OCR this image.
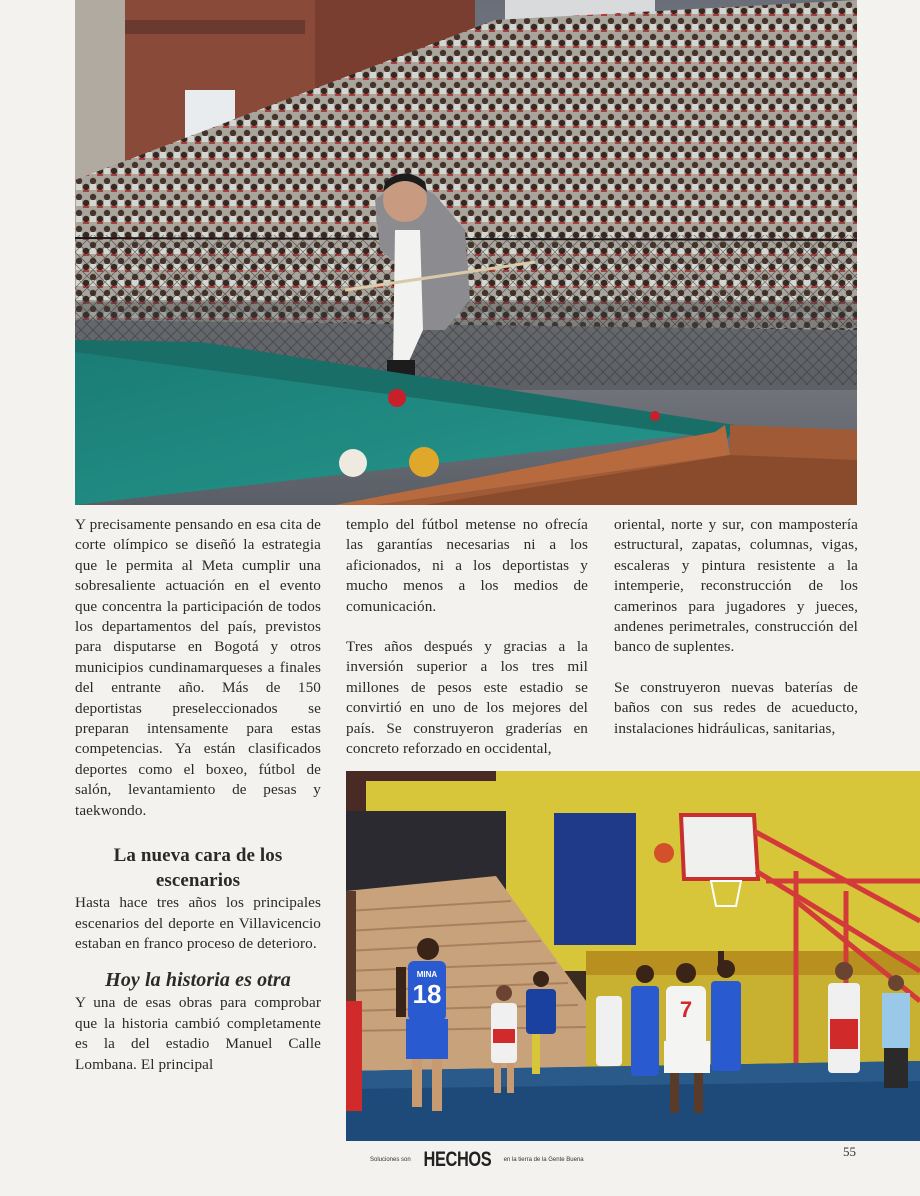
Y precisamente pensando en esa cita de corte olímpico se diseñó la estrategia que le permita al Meta cumplir una sobresaliente actuación en el evento que concentra la participación de todos los departamentos del país, previstos para disputarse en Bogotá y otros municipios cundinamarqueses a finales del entrante año. Más de 150 deportistas preseleccionados se preparan intensamente para estas competencias. Ya están clasificados deportes como el boxeo, fútbol de salón, levantamiento de pesas y taekwondo.

La nueva cara de los escenarios

Hasta hace tres años los principales escenarios del deporte en Villavicencio estaban en franco proceso de deterioro.

Hoy la historia es otra

Y una de esas obras para comprobar que la historia cambió completamente es la del estadio Manuel Calle Lombana. El principal

templo del fútbol metense no ofrecía las garantías necesarias ni a los aficionados, ni a los deportistas y mucho menos a los medios de comunicación.

Tres años después y gracias a la inversión superior a los tres mil millones de pesos este estadio se convirtió en uno de los mejores del país. Se construyeron graderías en concreto reforzado en occidental,

oriental, norte y sur, con mampostería estructural, zapatas, columnas, vigas, escaleras y pintura resistente a la intemperie, reconstrucción de los camerinos para jugadores y jueces, andenes perimetrales, construcción del banco de suplentes.

Se construyeron nuevas baterías de baños con sus redes de acueducto, instalaciones hidráulicas, sanitarias,

18
MINA
7
Soluciones son HECHOS en la tierra de la Gente Buena
55
